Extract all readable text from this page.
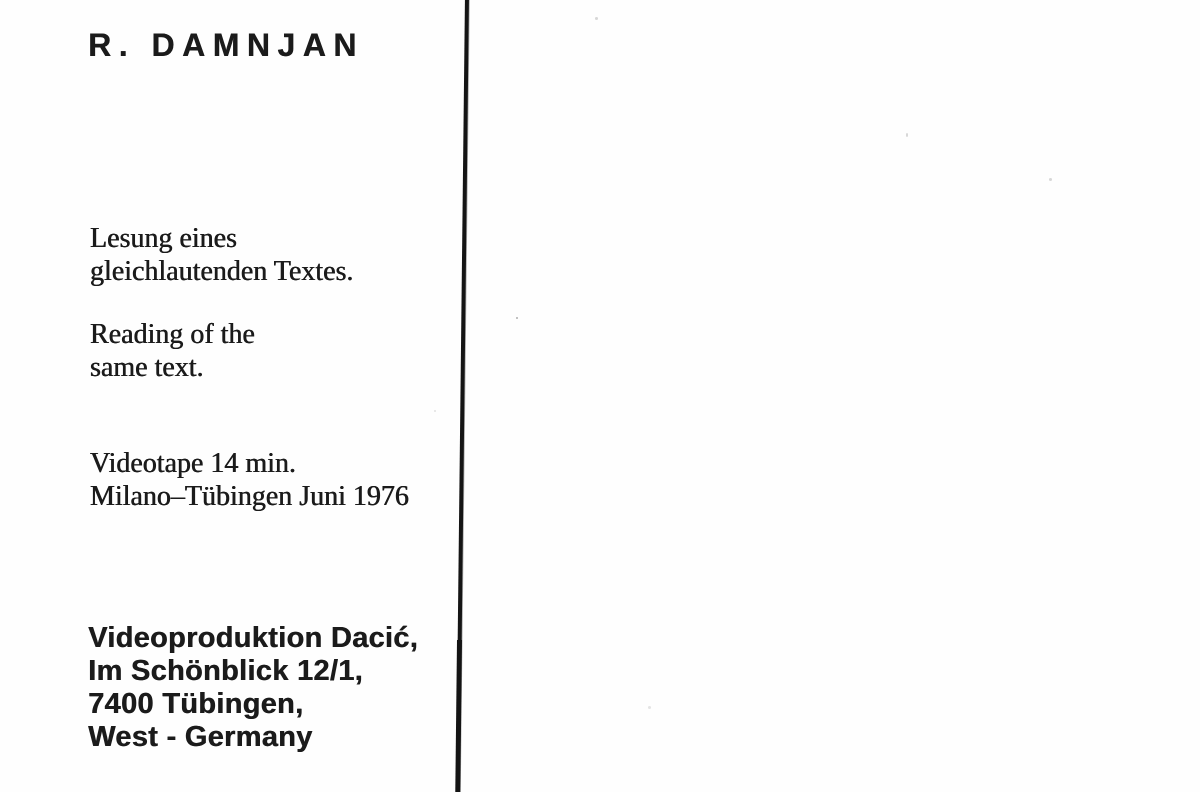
R. DAMNJAN
Lesung eines
gleichlautenden Textes.
Reading of the
same text.
Videotape 14 min.
Milano–Tübingen Juni 1976
Videoproduktion Dacić,
Im Schönblick 12/1,
7400 Tübingen,
West - Germany
